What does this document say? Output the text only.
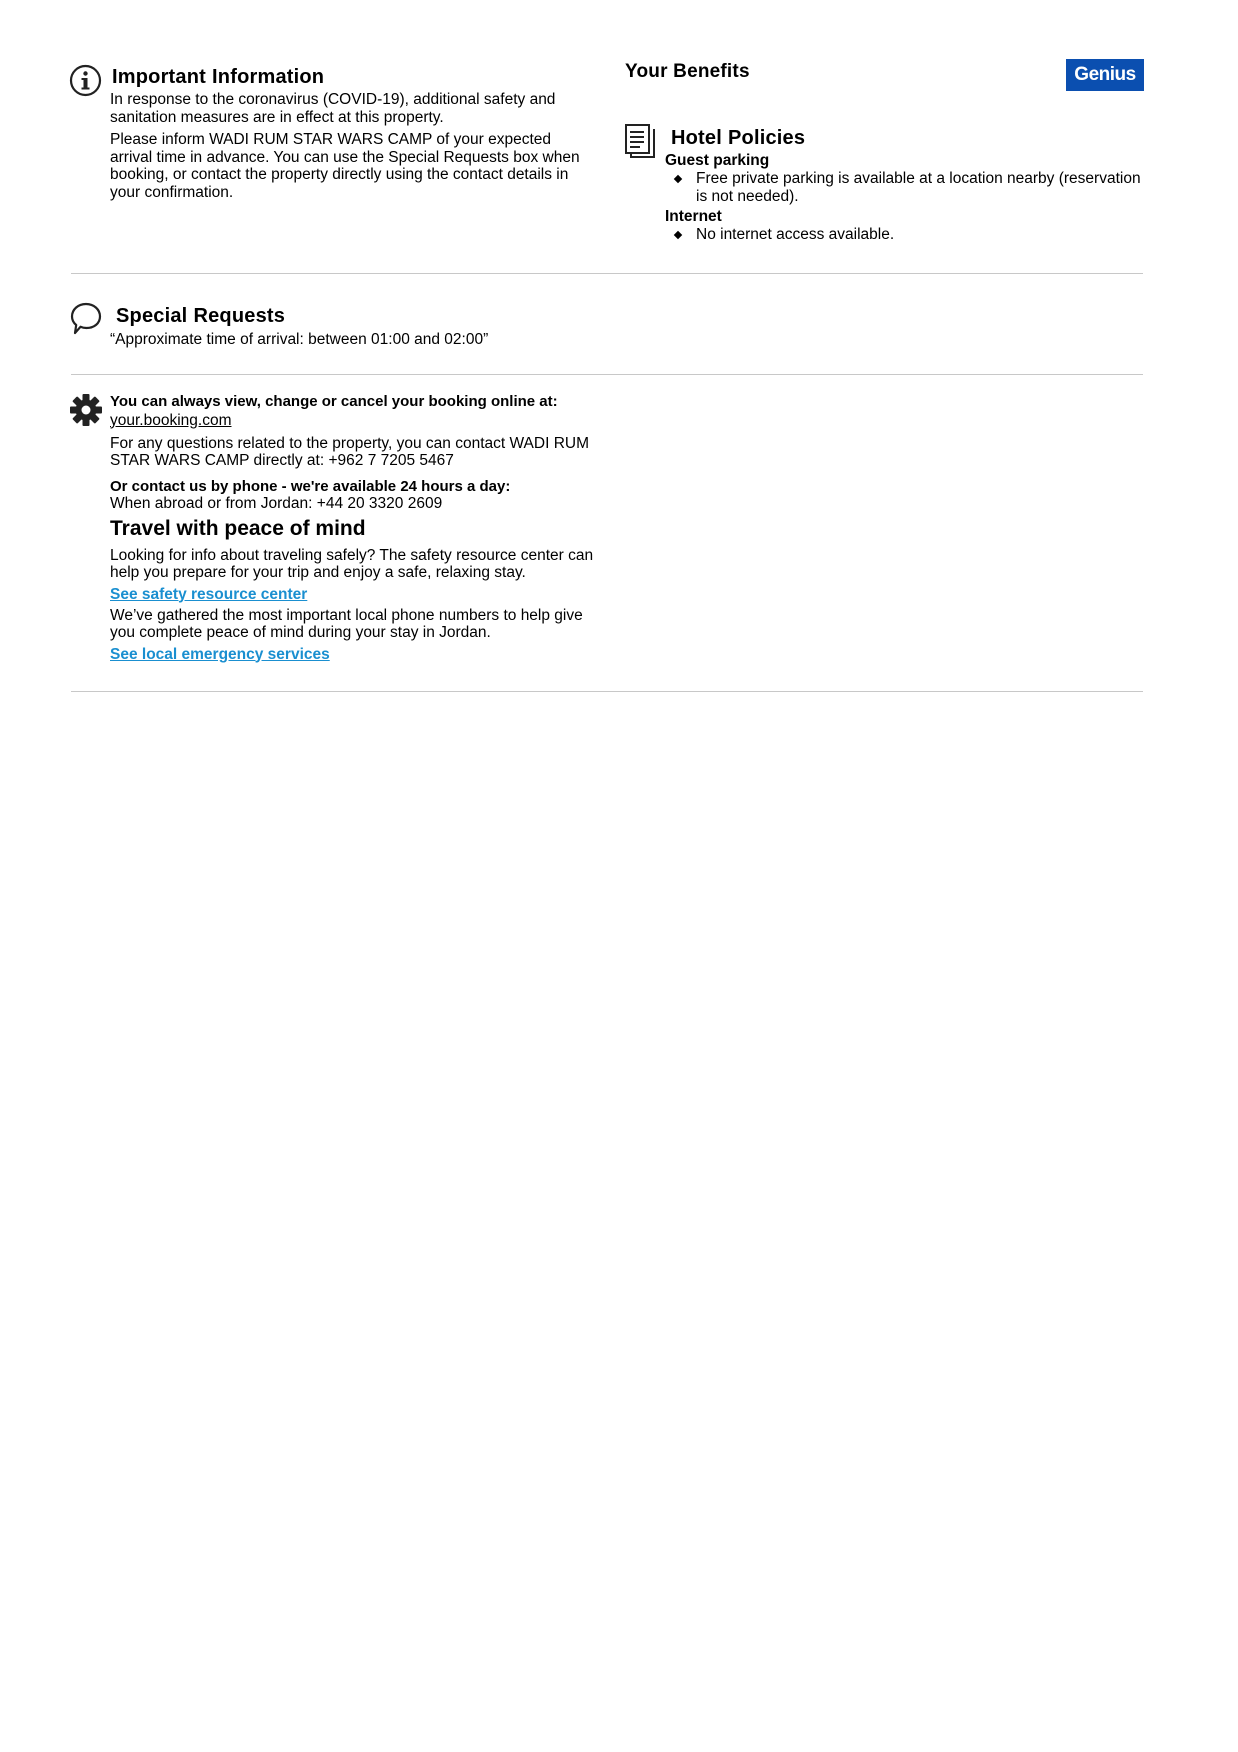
Important Information

In response to the coronavirus (COVID-19), additional safety and sanitation measures are in effect at this property.

Please inform WADI RUM STAR WARS CAMP of your expected arrival time in advance. You can use the Special Requests box when booking, or contact the property directly using the contact details in your confirmation.

Your Benefits	Genius
Hotel Policies
Guest parking
Free private parking is available at a location nearby (reservation is not needed).
Internet
No internet access available.
Special Requests
“Approximate time of arrival: between 01:00 and 02:00”

You can always view, change or cancel your booking online at:

your.booking.com

For any questions related to the property, you can contact WADI RUM STAR WARS CAMP directly at: +962 7 7205 5467

Or contact us by phone - we're available 24 hours a day:

When abroad or from Jordan: +44 20 3320 2609

Travel with peace of mind

Looking for info about traveling safely? The safety resource center can help you prepare for your trip and enjoy a safe, relaxing stay.

See safety resource center

We’ve gathered the most important local phone numbers to help give you complete peace of mind during your stay in Jordan.

See local emergency services
